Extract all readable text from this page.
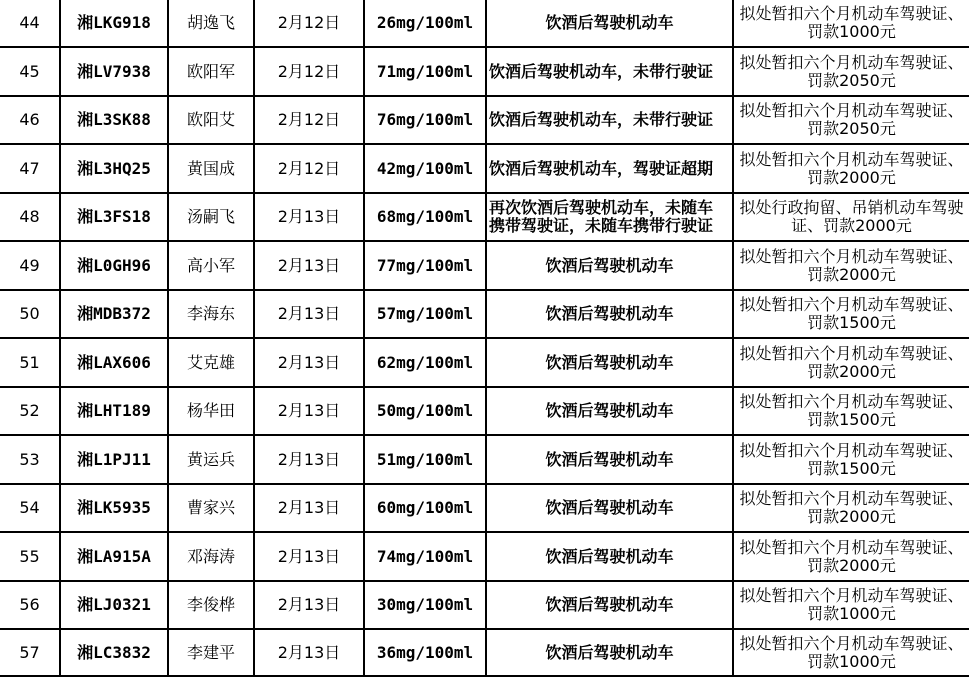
44	湘LKG918	胡逸飞	2月12日	26mg/100ml	饮酒后驾驶机动车	拟处暂扣六个月机动车驾驶证、
罚款1000元

45	湘LV7938	欧阳军	2月12日	71mg/100ml	饮酒后驾驶机动车，未带行驶证	拟处暂扣六个月机动车驾驶证、
罚款2050元

46	湘L3SK88	欧阳艾	2月12日	76mg/100ml	饮酒后驾驶机动车，未带行驶证	拟处暂扣六个月机动车驾驶证、
罚款2050元

47	湘L3HQ25	黄国成	2月12日	42mg/100ml	饮酒后驾驶机动车，驾驶证超期	拟处暂扣六个月机动车驾驶证、
罚款2000元

48	湘L3FS18	汤嗣飞	2月13日	68mg/100ml	再次饮酒后驾驶机动车，未随车
携带驾驶证，未随车携带行驶证	拟处行政拘留、吊销机动车驾驶
证、罚款2000元

49	湘L0GH96	高小军	2月13日	77mg/100ml	饮酒后驾驶机动车	拟处暂扣六个月机动车驾驶证、
罚款2000元

50	湘MDB372	李海东	2月13日	57mg/100ml	饮酒后驾驶机动车	拟处暂扣六个月机动车驾驶证、
罚款1500元

51	湘LAX606	艾克雄	2月13日	62mg/100ml	饮酒后驾驶机动车	拟处暂扣六个月机动车驾驶证、
罚款2000元

52	湘LHT189	杨华田	2月13日	50mg/100ml	饮酒后驾驶机动车	拟处暂扣六个月机动车驾驶证、
罚款1500元

53	湘L1PJ11	黄运兵	2月13日	51mg/100ml	饮酒后驾驶机动车	拟处暂扣六个月机动车驾驶证、
罚款1500元

54	湘LK5935	曹家兴	2月13日	60mg/100ml	饮酒后驾驶机动车	拟处暂扣六个月机动车驾驶证、
罚款2000元

55	湘LA915A	邓海涛	2月13日	74mg/100ml	饮酒后驾驶机动车	拟处暂扣六个月机动车驾驶证、
罚款2000元

56	湘LJ0321	李俊桦	2月13日	30mg/100ml	饮酒后驾驶机动车	拟处暂扣六个月机动车驾驶证、
罚款1000元

57	湘LC3832	李建平	2月13日	36mg/100ml	饮酒后驾驶机动车	拟处暂扣六个月机动车驾驶证、
罚款1000元
